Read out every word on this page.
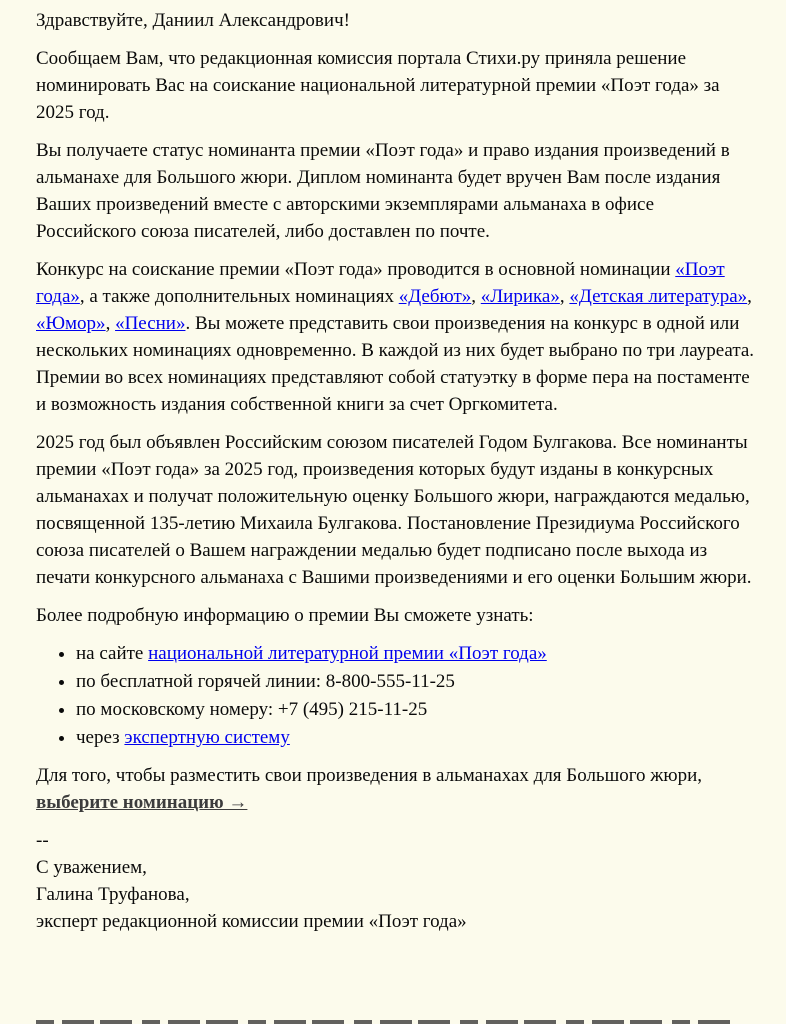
Здравствуйте, Даниил Александрович!

Сообщаем Вам, что редакционная комиссия портала Стихи.ру приняла решение номинировать Вас на соискание национальной литературной премии «Поэт года» за 2025 год.

Вы получаете статус номинанта премии «Поэт года» и право издания произведений в альманахе для Большого жюри. Диплом номинанта будет вручен Вам после издания Ваших произведений вместе с авторскими экземплярами альманаха в офисе Российского союза писателей, либо доставлен по почте.

Конкурс на соискание премии «Поэт года» проводится в основной номинации «Поэт года», а также дополнительных номинациях «Дебют», «Лирика», «Детская литература», «Юмор», «Песни». Вы можете представить свои произведения на конкурс в одной или нескольких номинациях одновременно. В каждой из них будет выбрано по три лауреата. Премии во всех номинациях представляют собой статуэтку в форме пера на постаменте и возможность издания собственной книги за счет Оргкомитета.

2025 год был объявлен Российским союзом писателей Годом Булгакова. Все номинанты премии «Поэт года» за 2025 год, произведения которых будут изданы в конкурсных альманахах и получат положительную оценку Большого жюри, награждаются медалью, посвященной 135-летию Михаила Булгакова. Постановление Президиума Российского союза писателей о Вашем награждении медалью будет подписано после выхода из печати конкурсного альманаха с Вашими произведениями и его оценки Большим жюри.

Более подробную информацию о премии Вы сможете узнать:

• на сайте национальной литературной премии «Поэт года»
• по бесплатной горячей линии: 8-800-555-11-25
• по московскому номеру: +7 (495) 215-11-25
• через экспертную систему

Для того, чтобы разместить свои произведения в альманахах для Большого жюри, выберите номинацию →

--
С уважением,
Галина Труфанова,
эксперт редакционной комиссии премии «Поэт года»
